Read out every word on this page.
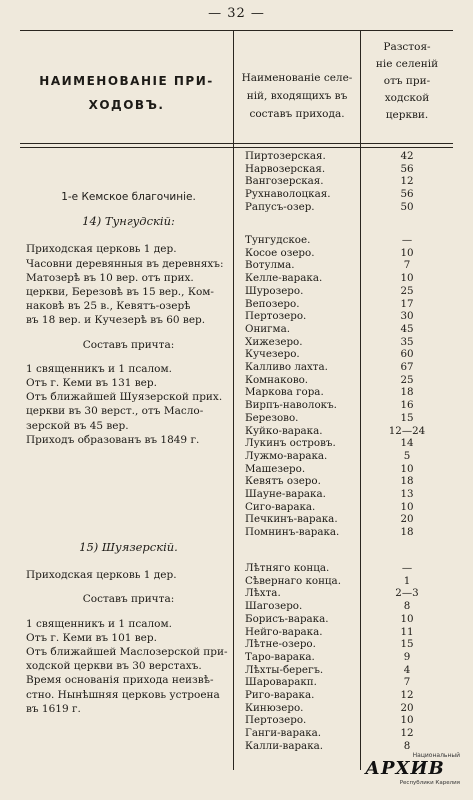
— 32 —
НАИМЕНОВАНІЕ ПРИ-
ХОДОВЪ.
Наименованіе селе-
ній, входящихъ въ
составъ прихода.
Разстоя-
ніе селеній
отъ при-
ходской
церкви.
1-е Кемское благочиніе.
14) Тунгудскій:
Приходская церковь 1 дер.
Часовни деревянныя въ деревняхъ:
Матозерѣ въ 10 вер. отъ прих.
церкви, Березовѣ въ 15 вер., Ком-
наковѣ въ 25 в., Кевятъ-озерѣ
въ 18 вер. и Кучезерѣ въ 60 вер.
Составъ причта:
1 священникъ и 1 псалом.
Отъ г. Кеми въ 131 вер.
Отъ ближайшей Шуязерской прих.
церкви въ 30 верст., отъ Масло-
зерской въ 45 вер.
Приходъ образованъ въ 1849 г.
15) Шуязерскій.
Приходская церковь 1 дер.
Составъ причта:
1 священникъ и 1 псалом.
Отъ г. Кеми въ 101 вер.
Отъ ближайшей Маслозерской при-
ходской церкви въ 30 верстахъ.
Время основанія прихода неизвѣ-
стно. Нынѣшняя церковь устроена
въ 1619 г.
Пиртозерская.	42
Нарвозерская.	56
Вангозерская.	12
Рухнаволоцкая.	56
Рапусъ-озер.	50
Тунгудское.	—
Косое озеро.	10
Вотулма.	7
Келле-варака.	10
Шурозеро.	25
Вепозеро.	17
Пертозеро.	30
Онигма.	45
Хижезеро.	35
Кучезеро.	60
Калливо лахта.	67
Комнаково.	25
Маркова гора.	18
Вирпъ-наволокъ.	16
Березово.	15
Куйко-варака.	12—24
Лукинъ островъ.	14
Лужмо-варака.	5
Машезеро.	10
Кевятъ озеро.	18
Шауне-варака.	13
Сиго-варака.	10
Печкинъ-варака.	20
Помнинъ-варака.	18
Лѣтняго конца.	—
Сѣвернаго конца.	1
Лѣхта.	2—3
Шагозеро.	8
Борисъ-варака.	10
Нейго-варака.	11
Лѣтне-озеро.	15
Таро-варака.	9
Лѣхты-берегъ.	4
Шароваракп.	7
Риго-варака.	12
Кинюзеро.	20
Пертозеро.	10
Ганги-варака.	12
Калли-варака.	8
Национальный
АРХИВ
Республики Карелия
